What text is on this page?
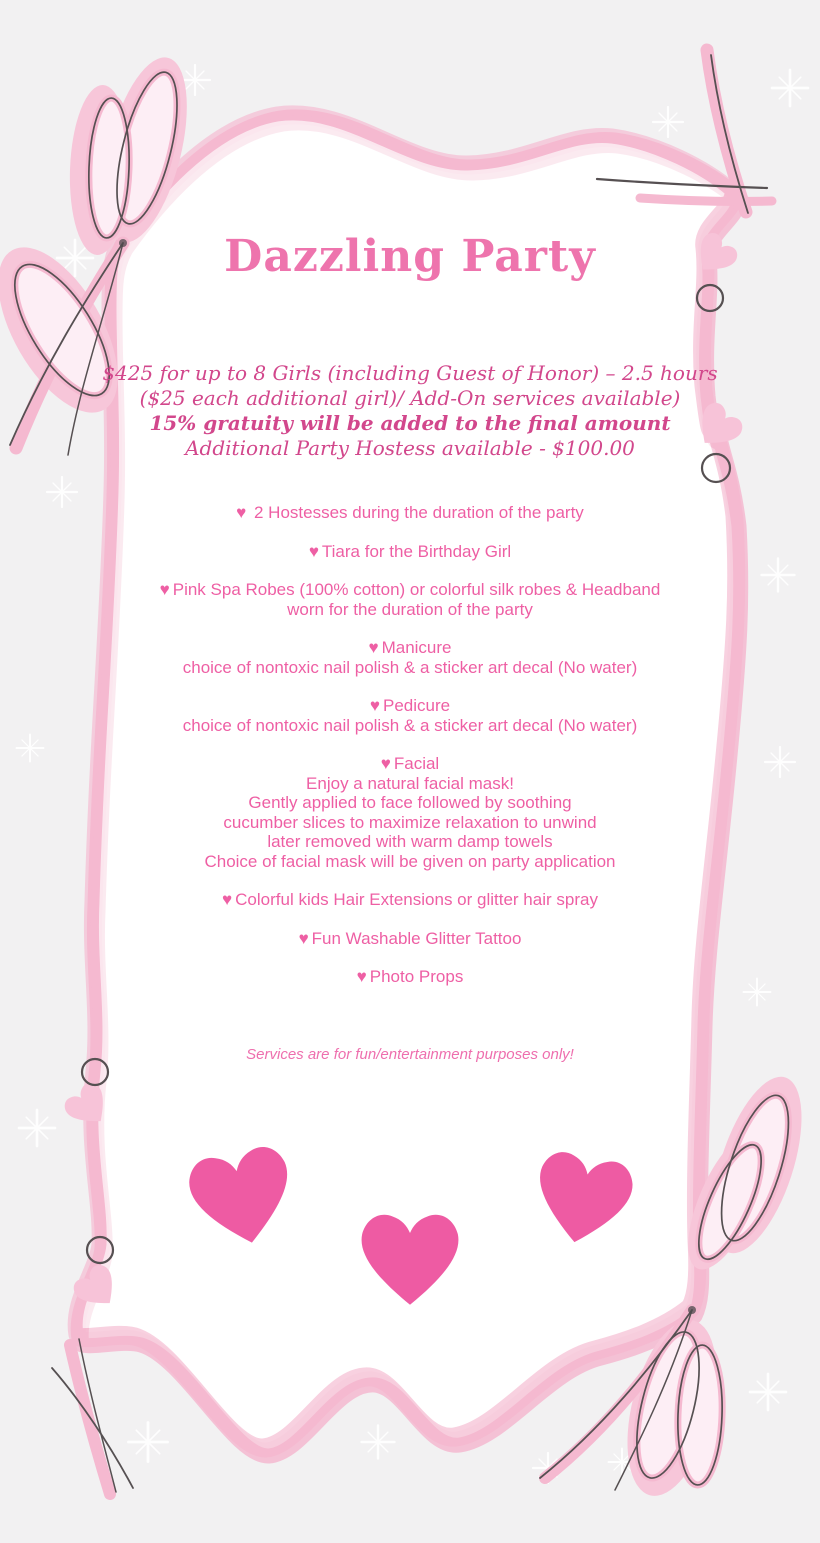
Dazzling Party
$425 for up to 8 Girls (including Guest of Honor) – 2.5 hours
($25 each additional girl)/ Add-On services available)
15% gratuity will be added to the final amount
Additional Party Hostess available - $100.00
♥ 2 Hostesses during the duration of the party
♥ Tiara for the Birthday Girl
♥ Pink Spa Robes (100% cotton) or colorful silk robes & Headband
worn for the duration of the party
♥ Manicure
choice of nontoxic nail polish & a sticker art decal (No water)
♥ Pedicure
choice of nontoxic nail polish & a sticker art decal (No water)
♥ Facial
Enjoy a natural facial mask!
Gently applied to face followed by soothing
cucumber slices to maximize relaxation to unwind
later removed with warm damp towels
Choice of facial mask will be given on party application
♥ Colorful kids Hair Extensions or glitter hair spray
♥ Fun Washable Glitter Tattoo
♥ Photo Props
Services are for fun/entertainment purposes only!
